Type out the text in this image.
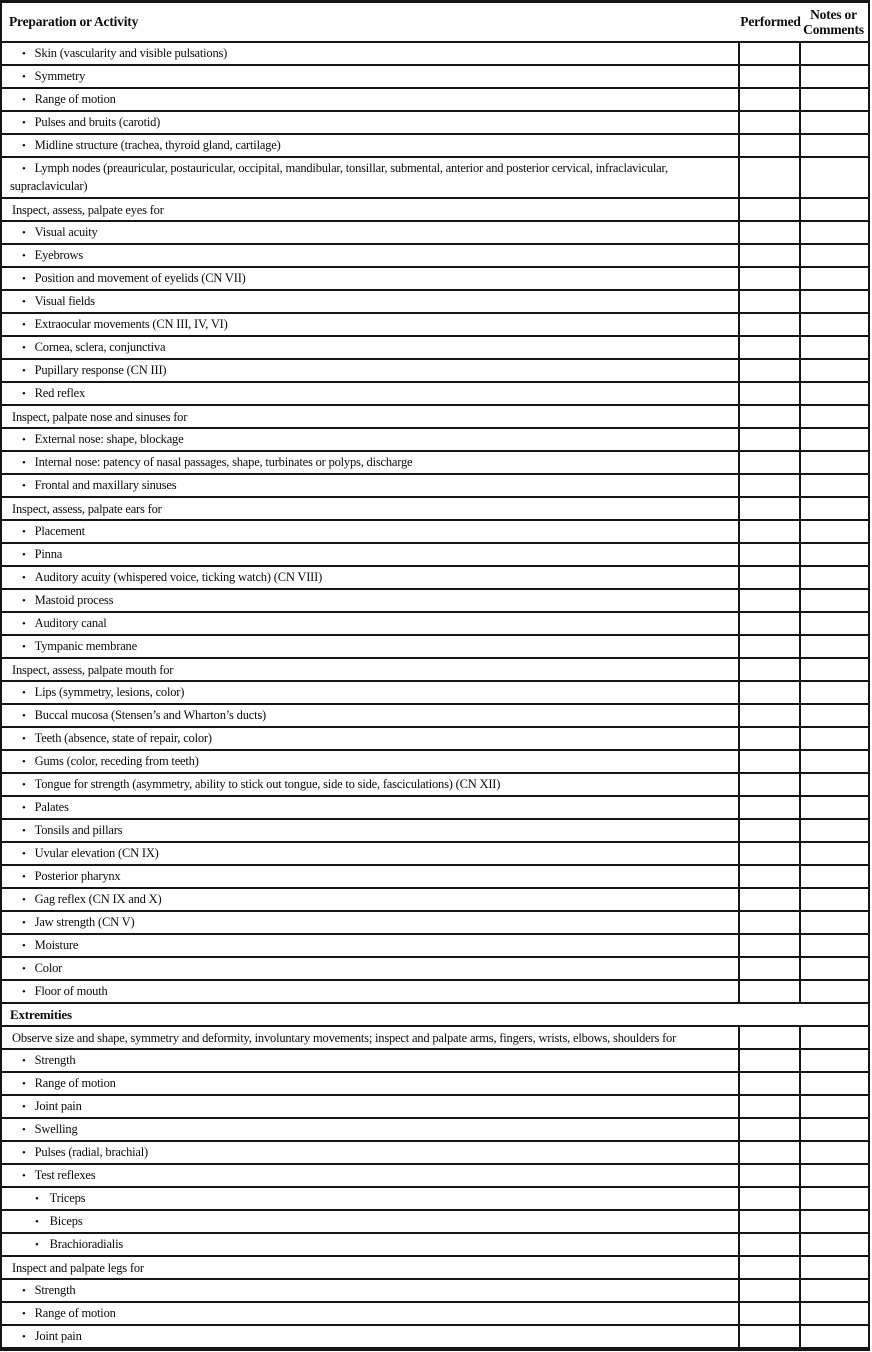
Preparation or Activity	Performed Notes or
Comments
• Skin (vascularity and visible pulsations)
• Symmetry
• Range of motion
• Pulses and bruits (carotid)
• Midline structure (trachea, thyroid gland, cartilage)
• Lymph nodes (preauricular, postauricular, occipital, mandibular, tonsillar, submental, anterior and posterior cervical, infraclavicular,
supraclavicular)
Inspect, assess, palpate eyes for
• Visual acuity
• Eyebrows
• Position and movement of eyelids (CN VII)
• Visual fields
• Extraocular movements (CN III, IV, VI)
• Cornea, sclera, conjunctiva
• Pupillary response (CN III)
• Red reflex
Inspect, palpate nose and sinuses for
• External nose: shape, blockage
• Internal nose: patency of nasal passages, shape, turbinates or polyps, discharge
• Frontal and maxillary sinuses
Inspect, assess, palpate ears for
• Placement
• Pinna
• Auditory acuity (whispered voice, ticking watch) (CN VIII)
• Mastoid process
• Auditory canal
• Tympanic membrane
Inspect, assess, palpate mouth for
• Lips (symmetry, lesions, color)
• Buccal mucosa (Stensen’s and Wharton’s ducts)
• Teeth (absence, state of repair, color)
• Gums (color, receding from teeth)
• Tongue for strength (asymmetry, ability to stick out tongue, side to side, fasciculations) (CN XII)
• Palates
• Tonsils and pillars
• Uvular elevation (CN IX)
• Posterior pharynx
• Gag reflex (CN IX and X)
• Jaw strength (CN V)
• Moisture
• Color
• Floor of mouth
Extremities
Observe size and shape, symmetry and deformity, involuntary movements; inspect and palpate arms, fingers, wrists, elbows, shoulders for
• Strength
• Range of motion
• Joint pain
• Swelling
• Pulses (radial, brachial)
• Test reflexes
• Triceps
• Biceps
• Brachioradialis
Inspect and palpate legs for
• Strength
• Range of motion
• Joint pain
